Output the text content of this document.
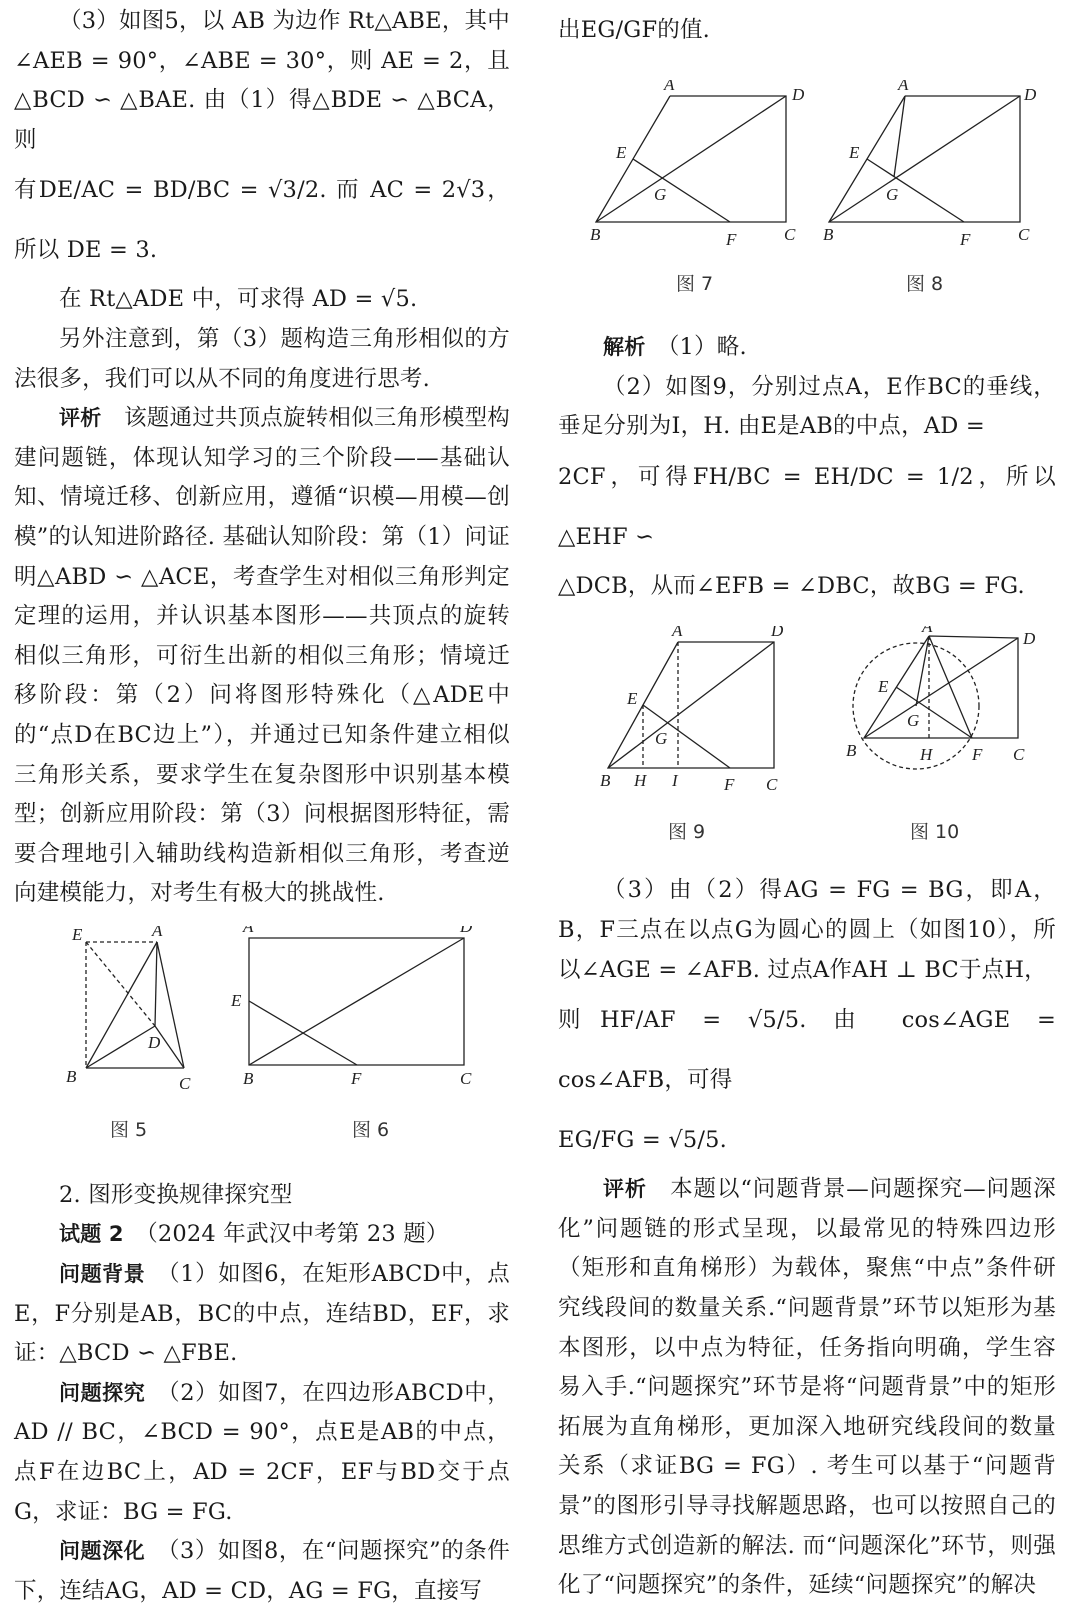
（3）如图5，以 AB 为边作 Rt△ABE，其中∠AEB = 90°，∠ABE = 30°，则 AE = 2，且△BCD ∽ △BAE. 由（1）得△BDE ∽ △BCA，则

有DE/AC = BD/BC = √3/2. 而 AC = 2√3，所以 DE = 3.

在 Rt△ADE 中，可求得 AD = √5.

另外注意到，第（3）题构造三角形相似的方法很多，我们可以从不同的角度进行思考.

评析　 该题通过共顶点旋转相似三角形模型构建问题链，体现认知学习的三个阶段——基础认知、情境迁移、创新应用，遵循“识模—用模—创模”的认知进阶路径. 基础认知阶段：第（1）问证明△ABD ∽ △ACE，考查学生对相似三角形判定定理的运用，并认识基本图形——共顶点的旋转相似三角形，可衍生出新的相似三角形；情境迁移阶段：第（2）问将图形特殊化（△ADE中的“点D在BC边上”），并通过已知条件建立相似三角形关系，要求学生在复杂图形中识别基本模型；创新应用阶段：第（3）问根据图形特征，需要合理地引入辅助线构造新相似三角形，考查逆向建模能力，对考生有极大的挑战性.

E	A
D
B	C
图 5
A	D
E
B	F	C
图 6

2. 图形变换规律探究型

试题 2　 （2024 年武汉中考第 23 题）

问题背景　 （1）如图6，在矩形ABCD中，点E，F分别是AB，BC的中点，连结BD，EF，求证：△BCD ∽ △FBE.

问题探究　 （2）如图7，在四边形ABCD中，AD // BC，∠BCD = 90°，点E是AB的中点，点F在边BC上，AD = 2CF，EF与BD交于点G，求证：BG = FG.

问题深化　 （3）如图8，在“问题探究”的条件下，连结AG，AD = CD，AG = FG，直接写

出EG/GF的值.

A
D
E
G
B	F	C
图 7
A
D
E
G
B	F	C
图 8

解析　 （1）略.

（2）如图9，分别过点A，E作BC的垂线，垂足分别为I，H. 由E是AB的中点，AD =

2CF，可得FH/BC = EH/DC = 1/2，所以△EHF ∽

△DCB，从而∠EFB = ∠DBC，故BG = FG.

A	D
E
G
B H I	F C
图 9
A
D
E
G
B	H F C
图 10

（3）由（2）得AG = FG = BG，即A，B，F三点在以点G为圆心的圆上（如图10），所以∠AGE = ∠AFB. 过点A作AH ⊥ BC于点H，

则HF/AF = √5/5. 由 cos∠AGE = cos∠AFB，可得

EG/FG = √5/5.

评析　 本题以“问题背景—问题探究—问题深化”问题链的形式呈现，以最常见的特殊四边形（矩形和直角梯形）为载体，聚焦“中点”条件研究线段间的数量关系.“问题背景”环节以矩形为基本图形，以中点为特征，任务指向明确，学生容易入手.“问题探究”环节是将“问题背景”中的矩形拓展为直角梯形，更加深入地研究线段间的数量关系（求证BG = FG）. 考生可以基于“问题背景”的图形引导寻找解题思路，也可以按照自己的思维方式创造新的解法. 而“问题深化”环节，则强化了“问题探究”的条件，延续“问题探究”的解决
